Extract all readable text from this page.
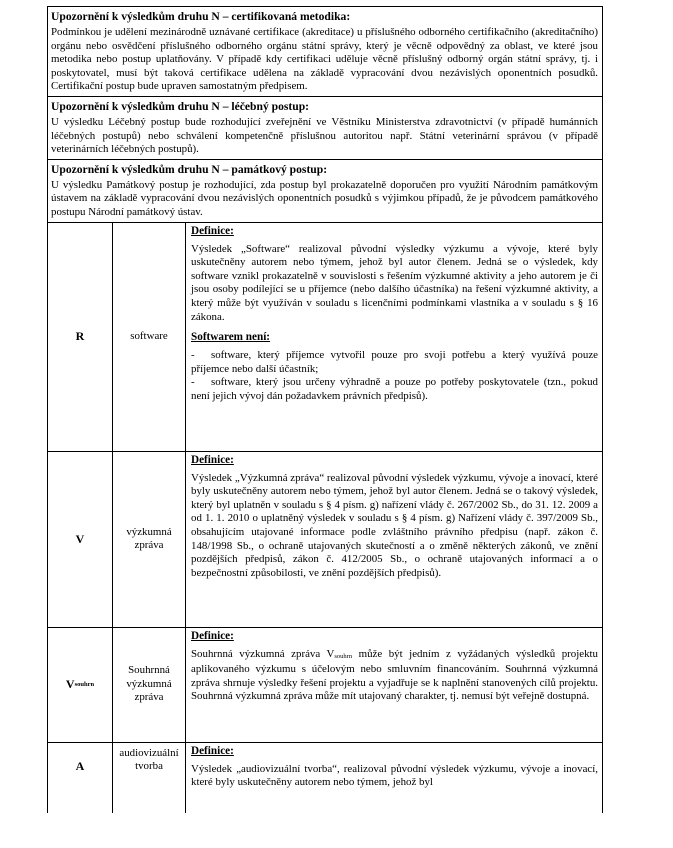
Upozornění k výsledkům druhu N – certifikovaná metodika:

Podmínkou je udělení mezinárodně uznávané certifikace (akreditace) u příslušného odborného certifikačního (akreditačního) orgánu nebo osvědčení příslušného odborného orgánu státní správy, který je věcně odpovědný za oblast, ve které jsou metodika nebo postup uplatňovány. V případě kdy certifikaci uděluje věcně příslušný odborný orgán státní správy, tj. i poskytovatel, musí být taková certifikace udělena na základě vypracování dvou nezávislých oponentních posudků. Certifikační postup bude upraven samostatným předpisem.

Upozornění k výsledkům druhu N – léčebný postup:

U výsledku Léčebný postup bude rozhodující zveřejnění ve Věstníku Ministerstva zdravotnictví (v případě humánních léčebných postupů) nebo schválení kompetenčně příslušnou autoritou např. Státní veterinární správou (v případě veterinárních léčebných postupů).

Upozornění k výsledkům druhu N – památkový postup:

U výsledku Památkový postup je rozhodující, zda postup byl prokazatelně doporučen pro využití Národním památkovým ústavem na základě vypracování dvou nezávislých oponentních posudků s výjimkou případů, že je původcem památkového postupu Národní památkový ústav.

R	software
Definice:

Výsledek „Software“ realizoval původní výsledky výzkumu a vývoje, které byly uskutečněny autorem nebo týmem, jehož byl autor členem. Jedná se o výsledek, kdy software vznikl prokazatelně v souvislosti s řešením výzkumné aktivity a jeho autorem je či jsou osoby podílející se u příjemce (nebo dalšího účastníka) na řešení výzkumné aktivity, a který může být využíván v souladu s licenčními podmínkami vlastníka a v souladu s § 16 zákona.

Softwarem není:

- software, který příjemce vytvořil pouze pro svoji potřebu a který využívá pouze příjemce nebo další účastník;

- software, který jsou určeny výhradně a pouze po potřeby poskytovatele (tzn., pokud není jejich vývoj dán požadavkem právních předpisů).

V	výzkumná zpráva
Definice:

Výsledek „Výzkumná zpráva“ realizoval původní výsledek výzkumu, vývoje a inovací, které byly uskutečněny autorem nebo týmem, jehož byl autor členem. Jedná se o takový výsledek, který byl uplatněn v souladu s § 4 písm. g) nařízení vlády č. 267/2002 Sb., do 31. 12. 2009 a od 1. 1. 2010 o uplatněný výsledek v souladu s § 4 písm. g) Nařízení vlády č. 397/2009 Sb., obsahujícím utajované informace podle zvláštního právního předpisu (např. zákon č. 148/1998 Sb., o ochraně utajovaných skutečností a o změně některých zákonů, ve znění pozdějších předpisů, zákon č. 412/2005 Sb., o ochraně utajovaných informací a o bezpečnostní způsobilosti, ve znění pozdějších předpisů).

V souhrn
Souhrnná výzkumná zpráva
Definice:

Souhrnná výzkumná zpráva $V_{souhrn}$ může být jedním z vyžádaných výsledků projektu aplikovaného výzkumu s účelovým nebo smluvním financováním. Souhrnná výzkumná zpráva shrnuje výsledky řešení projektu a vyjadřuje se k naplnění stanovených cílů projektu. Souhrnná výzkumná zpráva může mít utajovaný charakter, tj. nemusí být veřejně dostupná.

A
audiovizuální tvorba
Definice:

Výsledek „audiovizuální tvorba“, realizoval původní výsledek výzkumu, vývoje a inovací, které byly uskutečněny autorem nebo týmem, jehož byl
